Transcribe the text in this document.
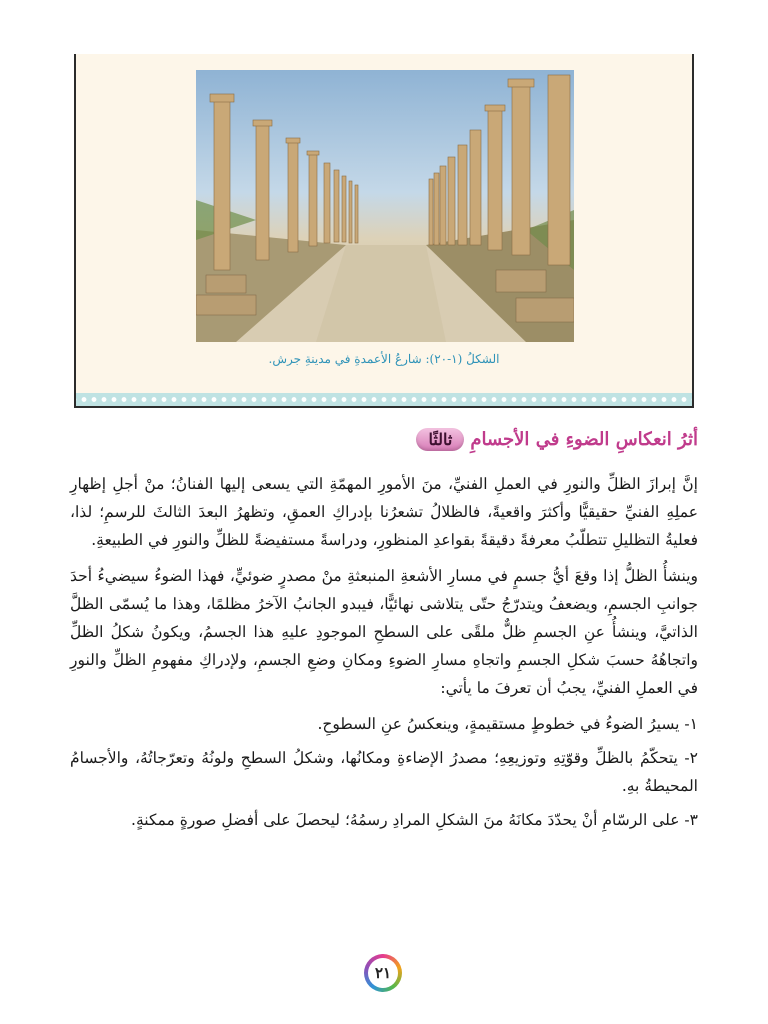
الشكلُ (١-٢٠): شارعُ الأعمدةِ في مدينةِ جرش.
ثالثًا	أثرُ انعكاسِ الضوءِ في الأجسامِ

إنَّ إبرازَ الظلِّ والنورِ في العملِ الفنيِّ، منَ الأمورِ المهمّةِ التي يسعى إليها الفنانُ؛ منْ أجلِ إظهارِ عملِهِ الفنيِّ حقيقيًّا وأكثرَ واقعيةً، فالظلالُ تشعرُنا بإدراكِ العمقِ، وتظهرُ البعدَ الثالثَ للرسمِ؛ لذا، فعليةُ التظليلِ تتطلّبُ معرفةً دقيقةً بقواعدِ المنظورِ، ودراسةً مستفيضةً للظلِّ والنورِ في الطبيعةِ.

وينشأُ الظلُّ إذا وقعَ أيُّ جسمٍ في مسارِ الأشعةِ المنبعثةِ منْ مصدرٍ ضوئيٍّ، فهذا الضوءُ سيضيءُ أحدَ جوانبِ الجسمِ، ويضعفُ ويتدرّجُ حتّى يتلاشى نهائيًّا، فيبدو الجانبُ الآخرُ مظلمًا، وهذا ما يُسمّى الظلَّ الذاتيَّ، وينشأُ عنِ الجسمِ ظلٌّ ملقًى على السطحِ الموجودِ عليهِ هذا الجسمُ، ويكونُ شكلُ الظلِّ واتجاهُهُ حسبَ شكلِ الجسمِ واتجاهِ مسارِ الضوءِ ومكانِ وضعِ الجسمِ، ولإدراكِ مفهومِ الظلِّ والنورِ في العملِ الفنيِّ، يجبُ أن تعرفَ ما يأتي:

١- يسيرُ الضوءُ في خطوطٍ مستقيمةٍ، وينعكسُ عنِ السطوحِ.

٢- يتحكّمُ بالظلِّ وقوّتِهِ وتوزيعِهِ؛ مصدرُ الإضاءةِ ومكانُها، وشكلُ السطحِ ولونُهُ وتعرّجاتُهُ، والأجسامُ المحيطةُ بهِ.

٣- على الرسّامِ أنْ يحدّدَ مكانَهُ منَ الشكلِ المرادِ رسمُهُ؛ ليحصلَ على أفضلِ صورةٍ ممكنةٍ.

٢١
